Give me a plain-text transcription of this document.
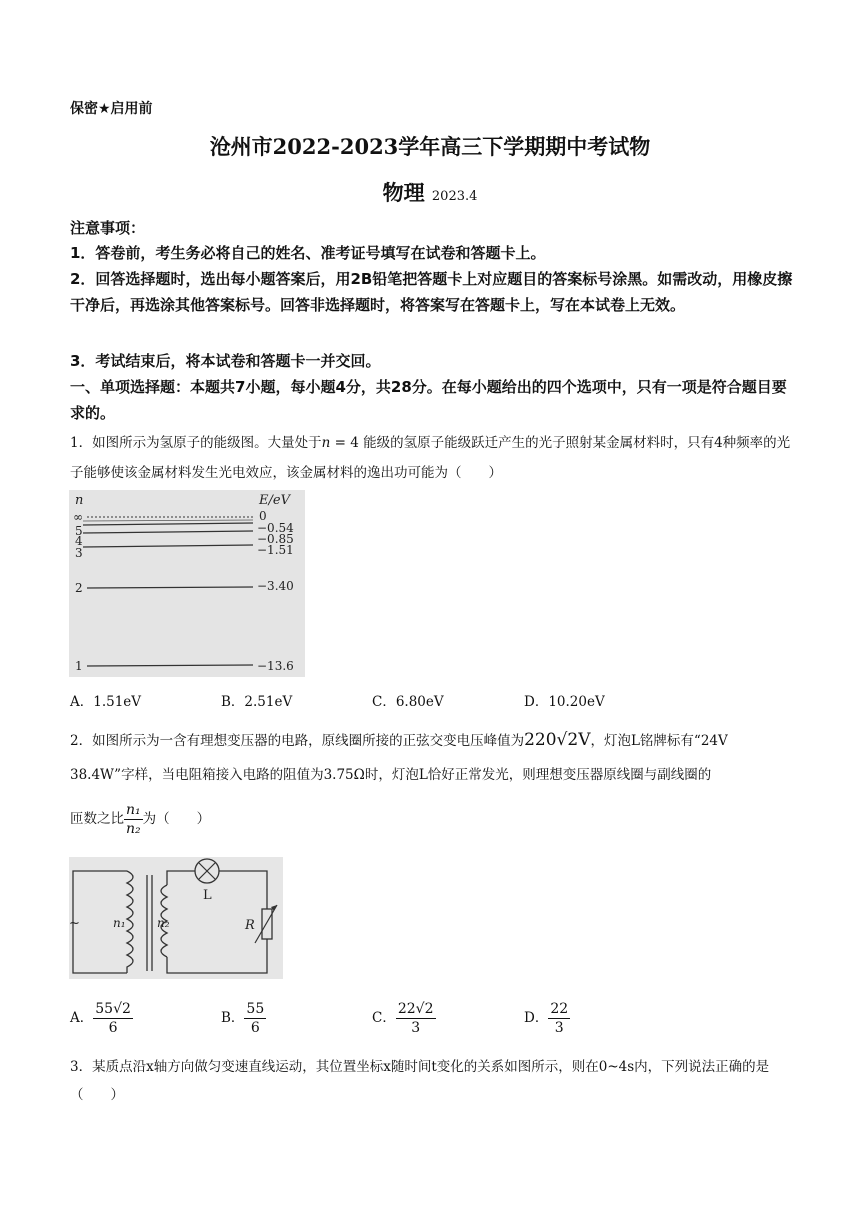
保密★启用前
沧州市2022-2023学年高三下学期期中考试物
物理 2023.4
注意事项：
1．答卷前，考生务必将自己的姓名、准考证号填写在试卷和答题卡上。
2．回答选择题时，选出每小题答案后，用2B铅笔把答题卡上对应题目的答案标号涂黑。如需改动，用橡皮擦干净后，再选涂其他答案标号。回答非选择题时，将答案写在答题卡上，写在本试卷上无效。
3．考试结束后，将本试卷和答题卡一并交回。
一、单项选择题：本题共7小题，每小题4分，共28分。在每小题给出的四个选项中，只有一项是符合题目要求的。
1．如图所示为氢原子的能级图。大量处于n = 4 能级的氢原子能级跃迁产生的光子照射某金属材料时，只有4种频率的光子能够使该金属材料发生光电效应，该金属材料的逸出功可能为（　　）
n	E/eV
∞	0
5	−0.54
4	−0.85
3	−1.51
2	−3.40
1	−13.6
A．1.51eV	B．2.51eV	C．6.80eV	D．10.20eV
2．如图所示为一含有理想变压器的电路，原线圈所接的正弦交变电压峰值为220√2V，灯泡L铭牌标有“24V 38.4W”字样，当电阻箱接入电路的阻值为3.75Ω时，灯泡L恰好正常发光，则理想变压器原线圈与副线圈的
匝数之比 $\frac{\text{n₁}}{\text{n₂}}$ 为（　　）
~	n₁	n₂
L
R
A． $\frac{55√2}{6}$	B． $\frac{55}{6}$	C． $\frac{22√2}{3}$	D． $\frac{22}{3}$
3．某质点沿x轴方向做匀变速直线运动，其位置坐标x随时间t变化的关系如图所示，则在0~4s内，下列说法正确的是（　　）
